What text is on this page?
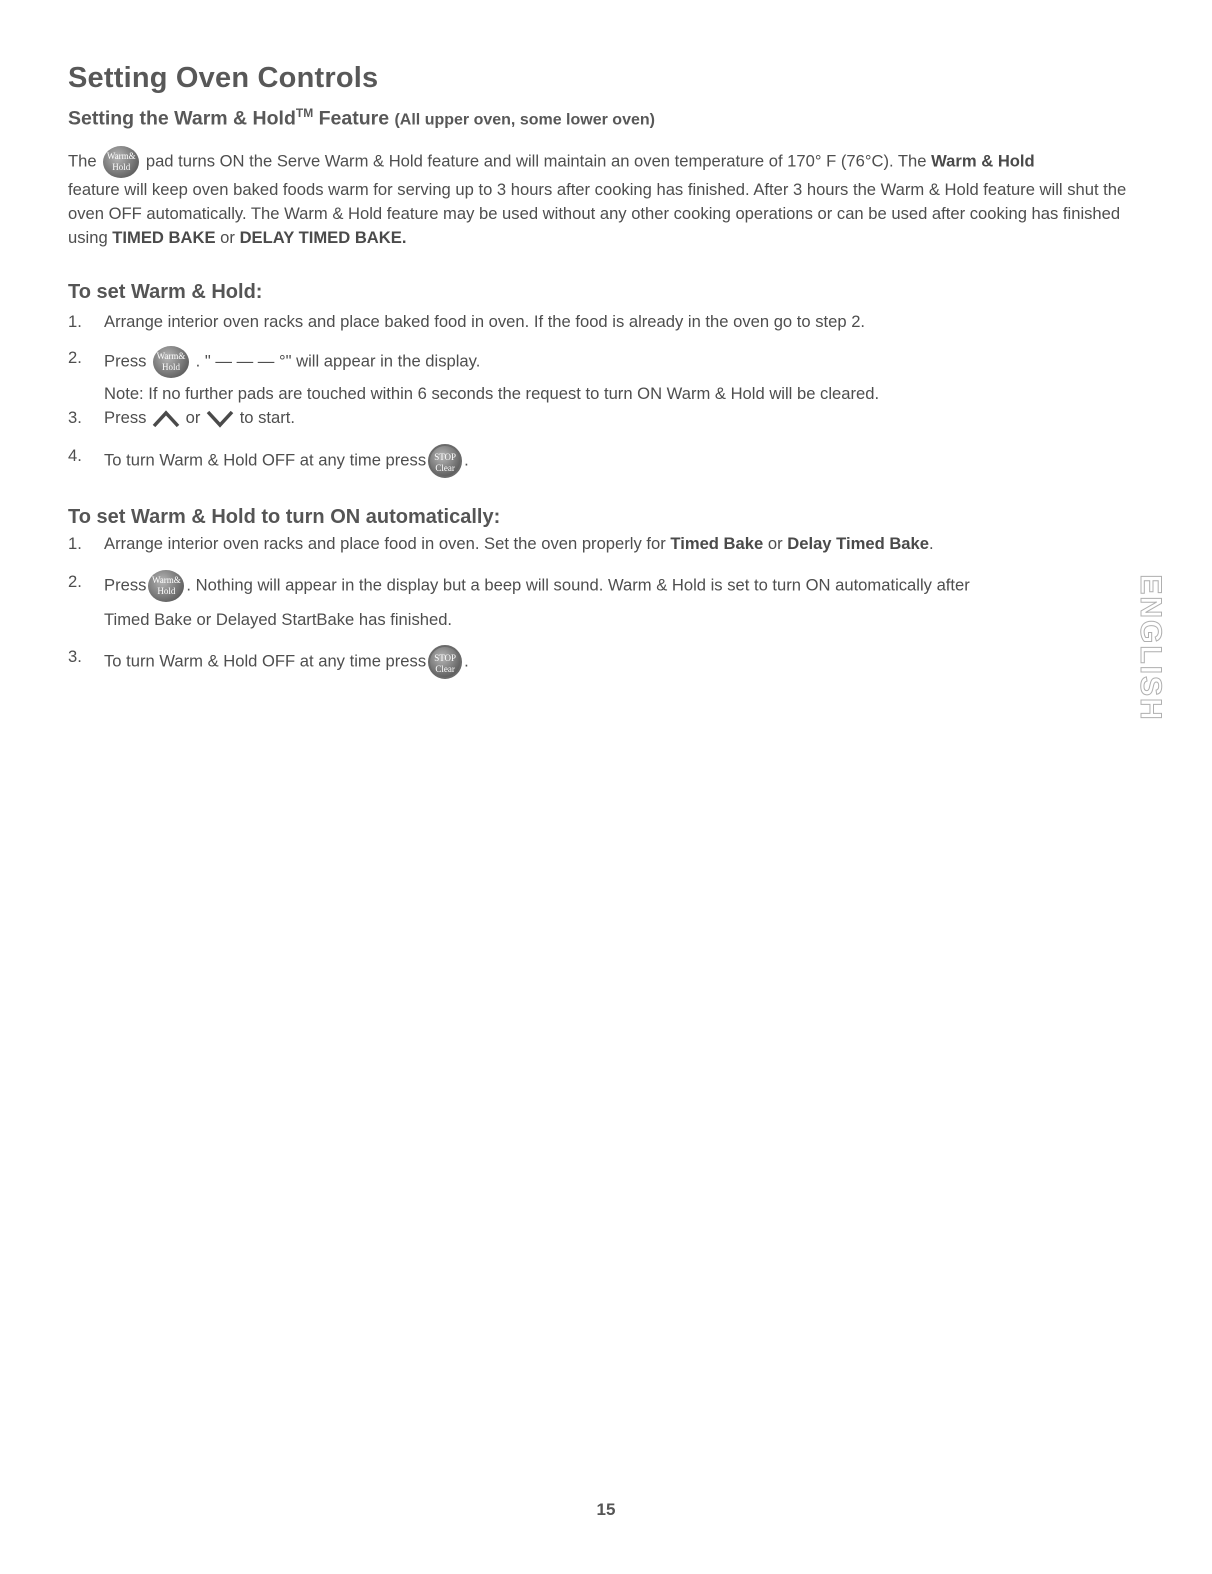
Setting Oven Controls
Setting the Warm & Hold™ Feature (All upper oven, some lower oven)

The	Warm&
Hold pad turns ON the Serve Warm & Hold feature and will maintain an oven temperature of 170° F (76°C). The Warm & Hold
feature will keep oven baked foods warm for serving up to 3 hours after cooking has finished. After 3 hours the Warm & Hold feature will shut the oven OFF automatically. The Warm & Hold feature may be used without any other cooking operations or can be used after cooking has finished using TIMED BAKE or DELAY TIMED BAKE.

To set Warm & Hold:

1. Arrange interior oven racks and place baked food in oven. If the food is already in the oven go to step 2.

2. Press	Warm&
Hold . " — — — °" will appear in the display.

Note: If no further pads are touched within 6 seconds the request to turn ON Warm & Hold will be cleared.

3. Press or to start.

4. To turn Warm & Hold OFF at any time press STOP
Clear .

To set Warm & Hold to turn ON automatically:

1. Arrange interior oven racks and place food in oven. Set the oven properly for Timed Bake or Delay Timed Bake.

2. Press Warm&
Hold . Nothing will appear in the display but a beep will sound. Warm & Hold is set to turn ON automatically after

Timed Bake or Delayed StartBake has finished.

3. To turn Warm & Hold OFF at any time press STOP
Clear .	ENGLISH

15
